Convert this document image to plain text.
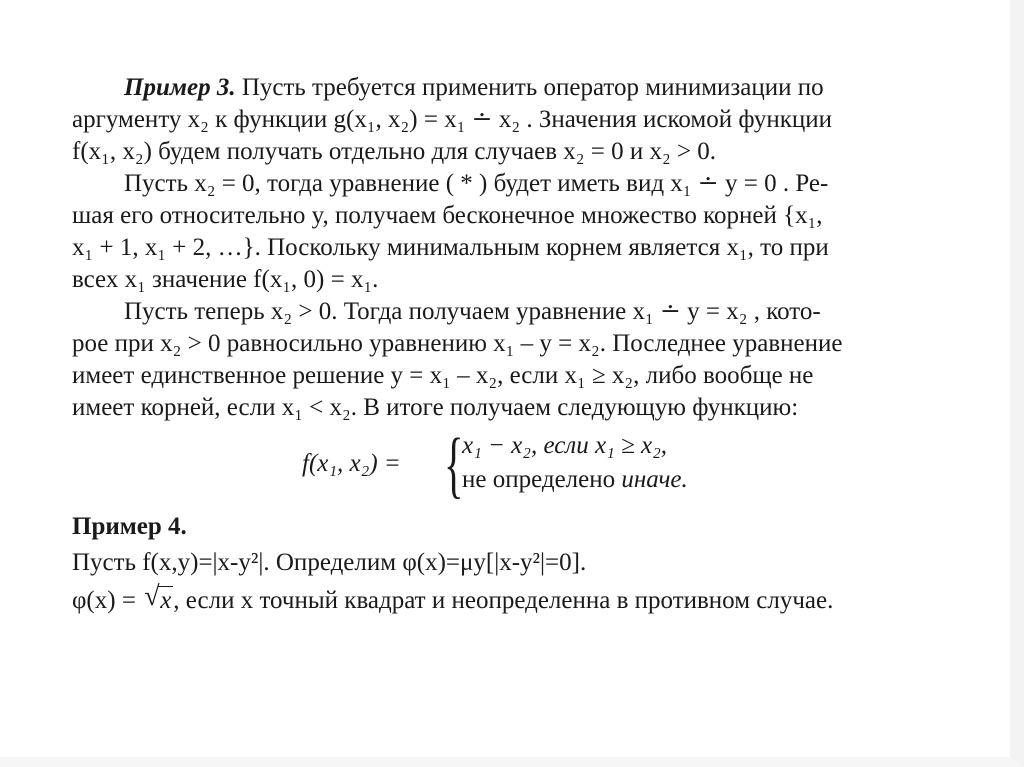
Пример 3. Пусть требуется применить оператор минимизации по
аргументу x₂ к функции g(x₁, x₂) = x₁ ∸ x₂ . Значения искомой функции
f(x₁, x₂) будем получать отдельно для случаев x₂ = 0 и x₂ > 0.

Пусть x₂ = 0, тогда уравнение ( * ) будет иметь вид x₁ ∸ y = 0 . Ре-
шая его относительно y, получаем бесконечное множество корней {x₁,
x₁ + 1, x₁ + 2, …}. Поскольку минимальным корнем является x₁, то при
всех x₁ значение f(x₁, 0) = x₁.

Пусть теперь x₂ > 0. Тогда получаем уравнение x₁ ∸ y = x₂ , кото-
рое при x₂ > 0 равносильно уравнению x₁ – y = x₂. Последнее уравнение
имеет единственное решение y = x₁ – x₂, если x₁ ≥ x₂, либо вообще не
имеет корней, если x₁ < x₂. В итоге получаем следующую функцию:

f(x₁, x₂) = {
x₁ − x₂, если x₁ ≥ x₂,
не определено иначе.
Пример 4.
Пусть f(x,y)=|x-y²|. Определим φ(x)=μy[|x-y²|=0].
φ(x) = √ x, если x точный квадрат и неопределенна в противном случае.
